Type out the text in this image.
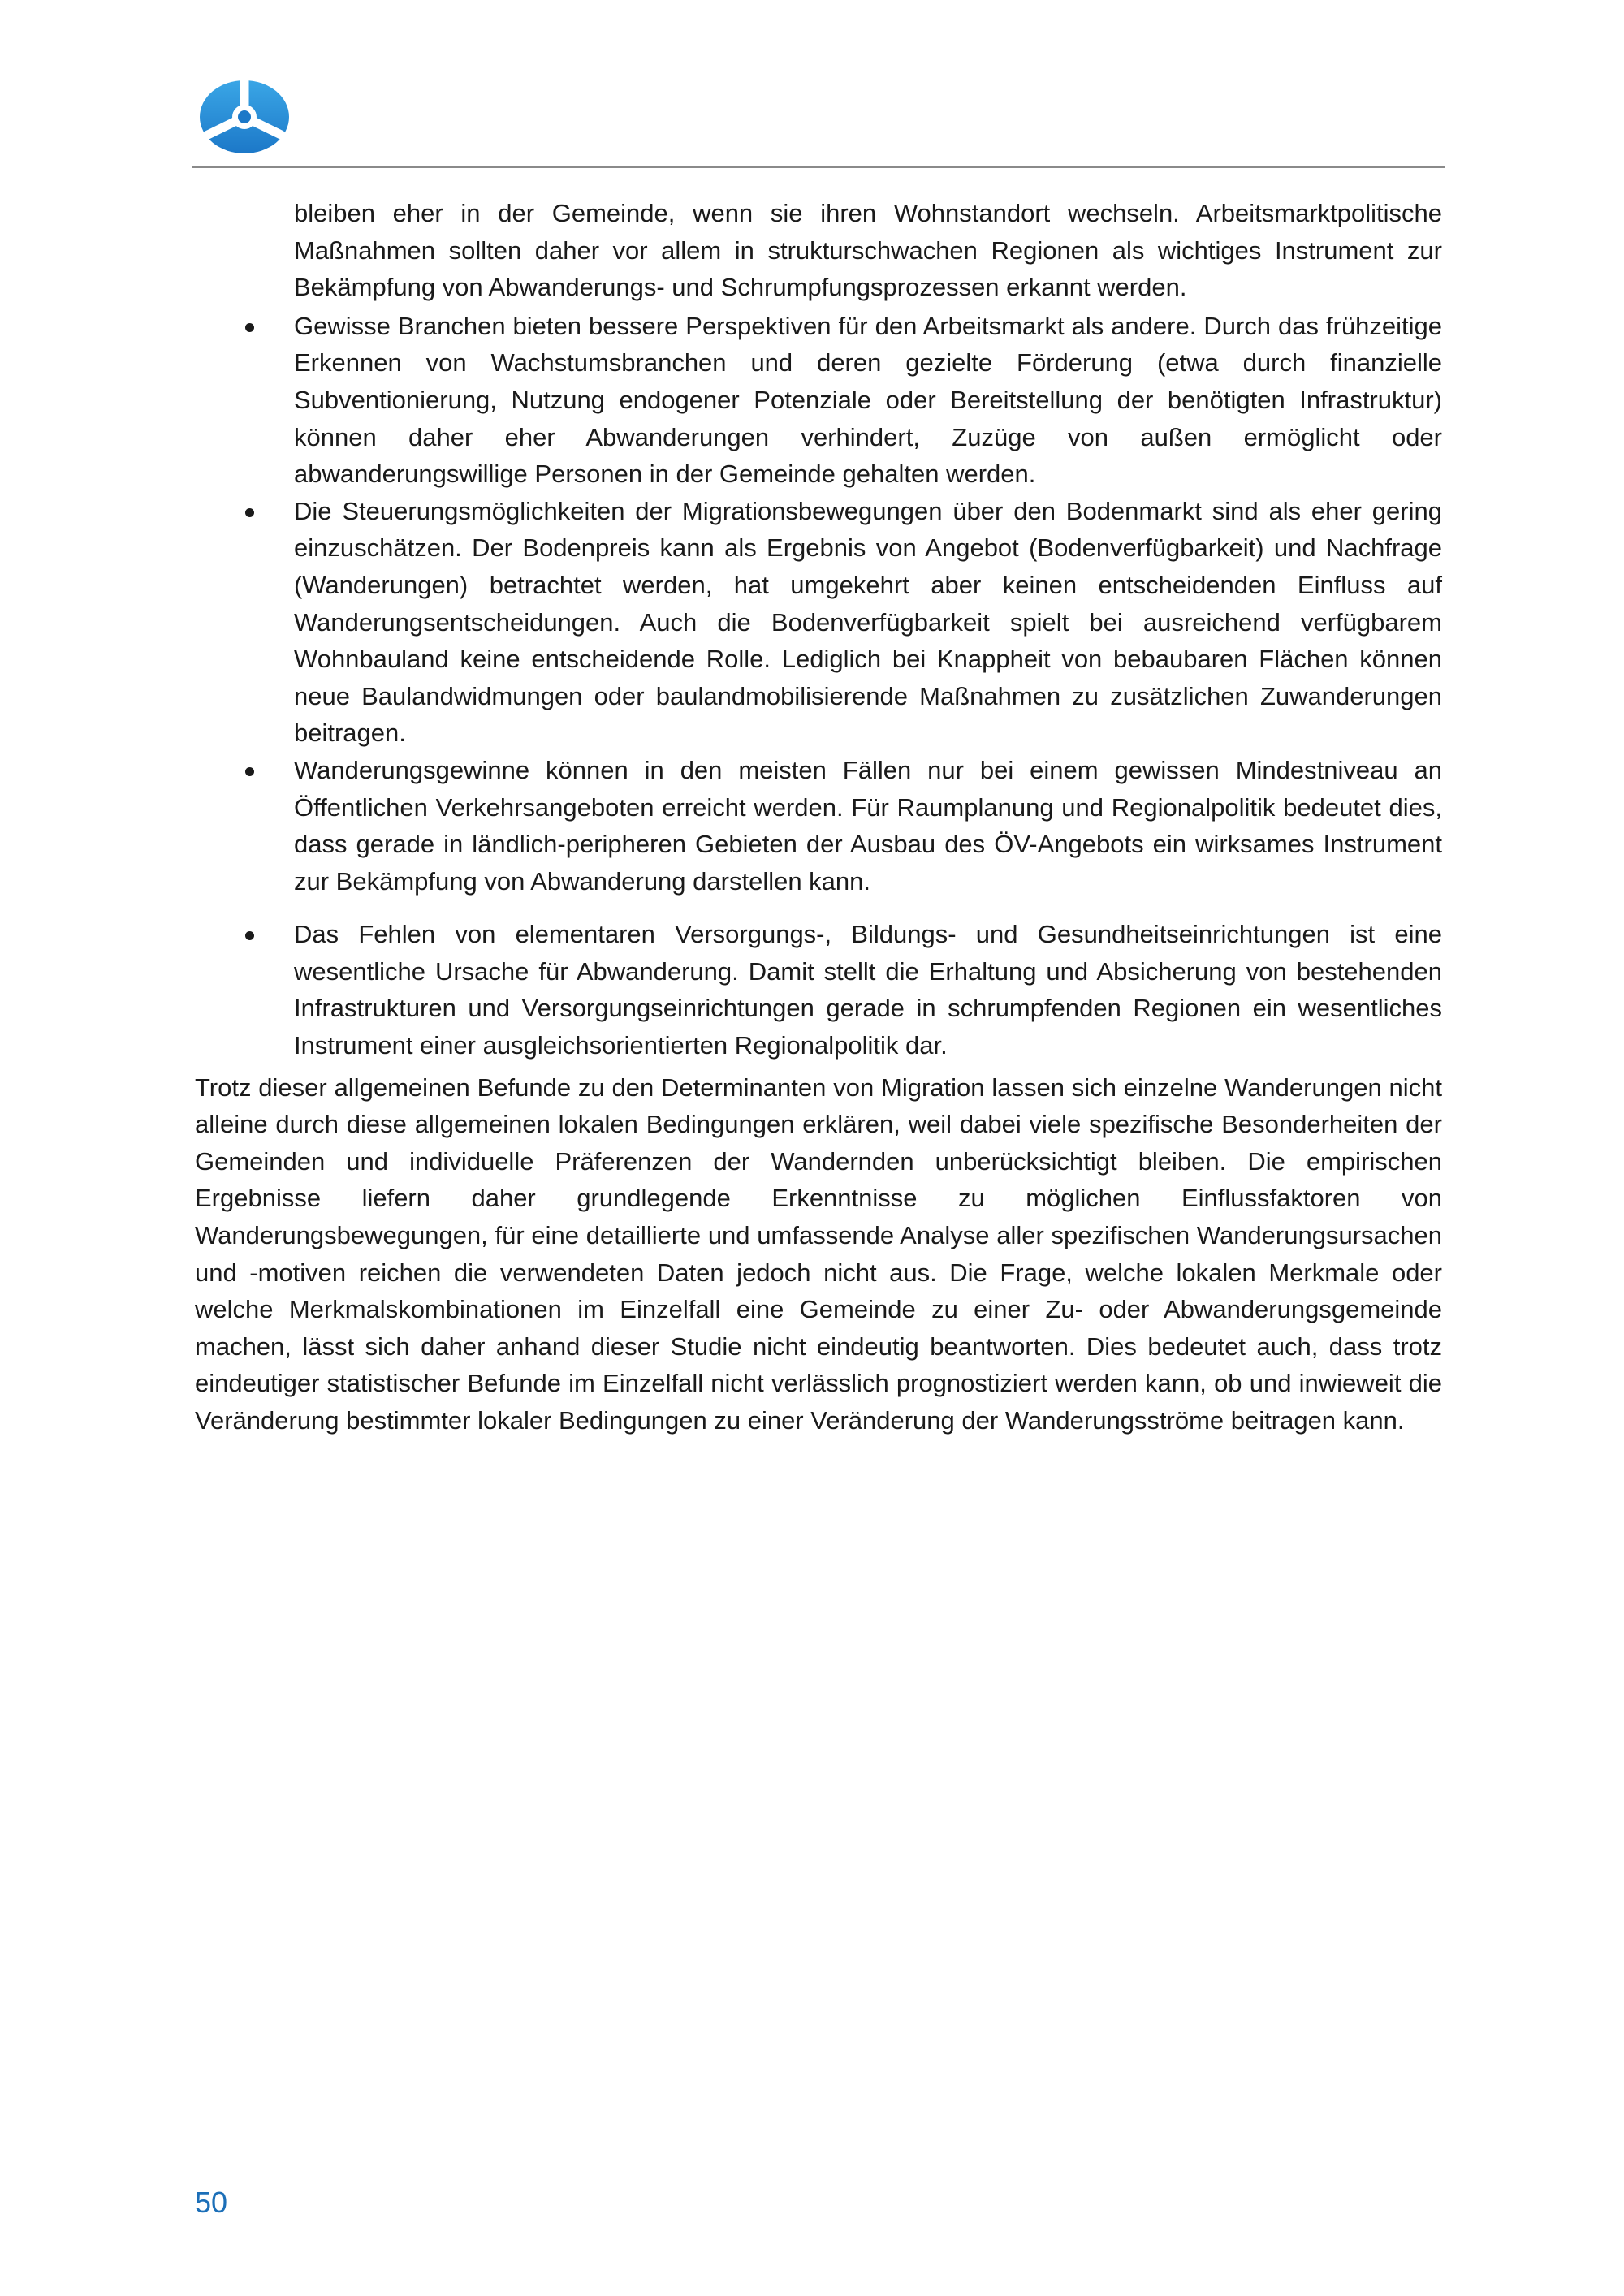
bleiben eher in der Gemeinde, wenn sie ihren Wohnstandort wechseln. Arbeitsmarktpolitische Maßnahmen sollten daher vor allem in strukturschwachen Regionen als wichtiges Instrument zur Bekämpfung von Abwanderungs- und Schrumpfungsprozessen erkannt werden.

Gewisse Branchen bieten bessere Perspektiven für den Arbeitsmarkt als andere. Durch das frühzeitige Erkennen von Wachstumsbranchen und deren gezielte Förderung (etwa durch finanzielle Subventionierung, Nutzung endogener Potenziale oder Bereitstellung der benötigten Infrastruktur) können daher eher Abwanderungen verhindert, Zuzüge von außen ermöglicht oder abwanderungswillige Personen in der Gemeinde gehalten werden.

Die Steuerungsmöglichkeiten der Migrationsbewegungen über den Bodenmarkt sind als eher gering einzuschätzen. Der Bodenpreis kann als Ergebnis von Angebot (Bodenverfügbarkeit) und Nachfrage (Wanderungen) betrachtet werden, hat umgekehrt aber keinen entscheidenden Einfluss auf Wanderungsentscheidungen. Auch die Bodenverfügbarkeit spielt bei ausreichend verfügbarem Wohnbauland keine entscheidende Rolle. Lediglich bei Knappheit von bebaubaren Flächen können neue Baulandwidmungen oder baulandmobilisierende Maßnahmen zu zusätzlichen Zuwanderungen beitragen.

Wanderungsgewinne können in den meisten Fällen nur bei einem gewissen Mindestniveau an Öffentlichen Verkehrsangeboten erreicht werden. Für Raumplanung und Regionalpolitik bedeutet dies, dass gerade in ländlich-peripheren Gebieten der Ausbau des ÖV-Angebots ein wirksames Instrument zur Bekämpfung von Abwanderung darstellen kann.

Das Fehlen von elementaren Versorgungs-, Bildungs- und Gesundheitseinrichtungen ist eine wesentliche Ursache für Abwanderung. Damit stellt die Erhaltung und Absicherung von bestehenden Infrastrukturen und Versorgungseinrichtungen gerade in schrumpfenden Regionen ein wesentliches Instrument einer ausgleichsorientierten Regionalpolitik dar.

Trotz dieser allgemeinen Befunde zu den Determinanten von Migration lassen sich einzelne Wanderungen nicht alleine durch diese allgemeinen lokalen Bedingungen erklären, weil dabei viele spezifische Besonderheiten der Gemeinden und individuelle Präferenzen der Wandernden unberücksichtigt bleiben. Die empirischen Ergebnisse liefern daher grundlegende Erkenntnisse zu möglichen Einflussfaktoren von Wanderungsbewegungen, für eine detaillierte und umfassende Analyse aller spezifischen Wanderungsursachen und -motiven reichen die verwendeten Daten jedoch nicht aus. Die Frage, welche lokalen Merkmale oder welche Merkmalskombinationen im Einzelfall eine Gemeinde zu einer Zu- oder Abwanderungsgemeinde machen, lässt sich daher anhand dieser Studie nicht eindeutig beantworten. Dies bedeutet auch, dass trotz eindeutiger statistischer Befunde im Einzelfall nicht verlässlich prognostiziert werden kann, ob und inwieweit die Veränderung bestimmter lokaler Bedingungen zu einer Veränderung der Wanderungsströme beitragen kann.

50
